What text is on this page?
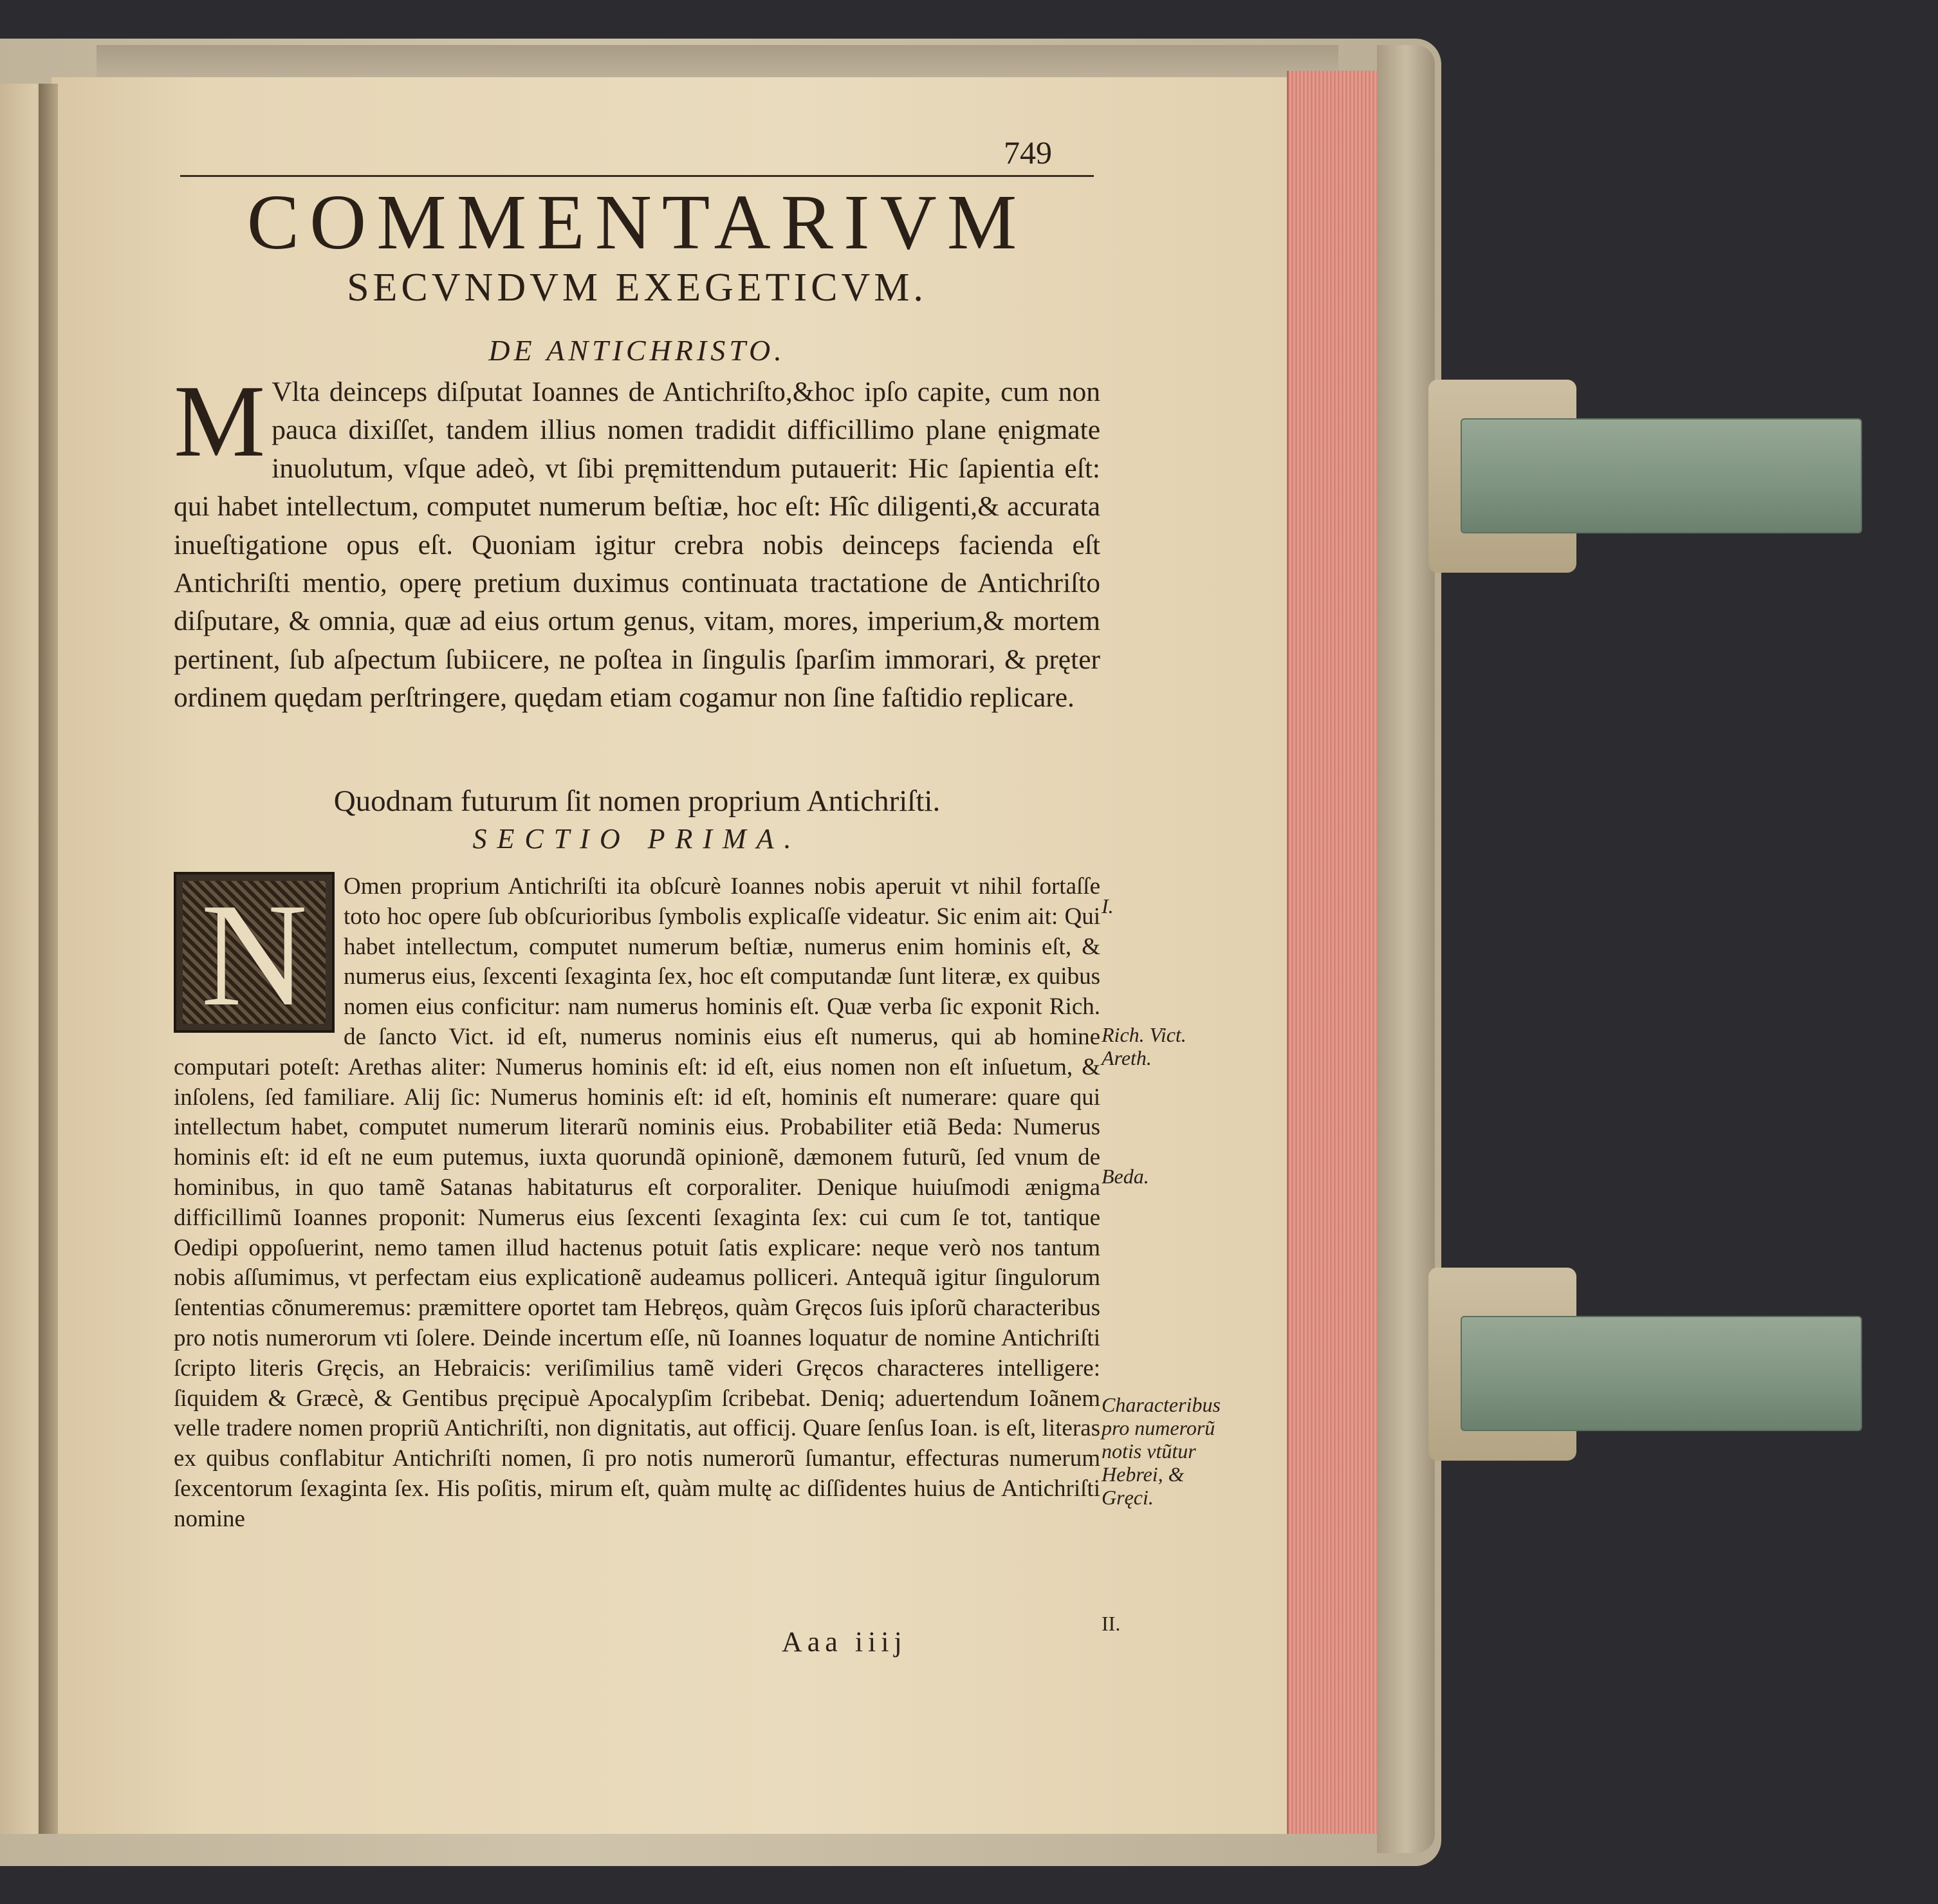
749
COMMENTARIVM
SECVNDVM EXEGETICVM.
DE ANTICHRISTO.
M Vlta deinceps diſputat Ioannes de Antichriſto,&hoc ipſo capite, cum non pauca dixiſſet, tandem illius nomen tradidit difficillimo plane ęnigmate inuolutum, vſque adeò, vt ſibi pręmittendum putauerit: Hic ſapientia eſt: qui habet intellectum, computet numerum beſtiæ, hoc eſt: Hîc diligenti,& accurata inueſtigatione opus eſt. Quoniam igitur crebra nobis deinceps facienda eſt Antichriſti mentio, operę pretium duximus continuata tractatione de Antichriſto diſputare, & omnia, quæ ad eius ortum genus, vitam, mores, imperium,& mortem pertinent, ſub aſpectum ſubiicere, ne poſtea in ſingulis ſparſim immorari, & pręter ordinem quędam perſtringere, quędam etiam cogamur non ſine faſtidio replicare.
Quodnam futurum ſit nomen proprium Antichriſti.
SECTIO PRIMA.
N	Omen proprium Antichriſti ita obſcurè Ioannes nobis aperuit vt nihil fortaſſe toto hoc opere ſub obſcurioribus ſymbolis explicaſſe videatur. Sic enim ait: Qui habet intellectum, computet numerum beſtiæ, numerus enim hominis eſt, & numerus eius, ſexcenti ſexaginta ſex, hoc eſt computandæ ſunt literæ, ex quibus nomen eius conficitur: nam numerus hominis eſt. Quæ verba ſic exponit Rich. de ſancto Vict. id eſt, numerus nominis eius eſt numerus, qui ab homine computari poteſt: Arethas aliter: Numerus hominis eſt: id eſt, eius nomen non eſt inſuetum, & inſolens, ſed familiare. Alij ſic: Numerus hominis eſt: id eſt, hominis eſt numerare: quare qui intellectum habet, computet numerum literarũ nominis eius. Probabiliter etiã Beda: Numerus hominis eſt: id eſt ne eum putemus, iuxta quorundã opinionẽ, dæmonem futurũ, ſed vnum de hominibus, in quo tamẽ Satanas habitaturus eſt corporaliter. Denique huiuſmodi ænigma difficillimũ Ioannes proponit: Numerus eius ſexcenti ſexaginta ſex: cui cum ſe tot, tantique Oedipi oppoſuerint, nemo tamen illud hactenus potuit ſatis explicare: neque verò nos tantum nobis aſſumimus, vt perfectam eius explicationẽ audeamus polliceri. Antequã igitur ſingulorum ſententias cõnumeremus: præmittere oportet tam Hebręos, quàm Gręcos ſuis ipſorũ characteribus pro notis numerorum vti ſolere. Deinde incertum eſſe, nũ Ioannes loquatur de nomine Antichriſti ſcripto literis Gręcis, an Hebraicis: veriſimilius tamẽ videri Gręcos characteres intelligere: ſiquidem & Græcè, & Gentibus pręcipuè Apocalypſim ſcribebat. Deniq; aduertendum Ioãnem velle tradere nomen propriũ Antichriſti, non dignitatis, aut officij. Quare ſenſus Ioan. is eſt, literas ex quibus conflabitur Antichriſti nomen, ſi pro notis numerorũ ſumantur, effecturas numerum ſexcentorum ſexaginta ſex. His poſitis, mirum eſt, quàm multę ac diſſidentes huius de Antichriſti nomine
I.
Rich. Vict. Areth.
Beda.
Characteribus pro numerorũ notis vtũtur Hebrei, & Gręci.
II.
Aaa iiij
